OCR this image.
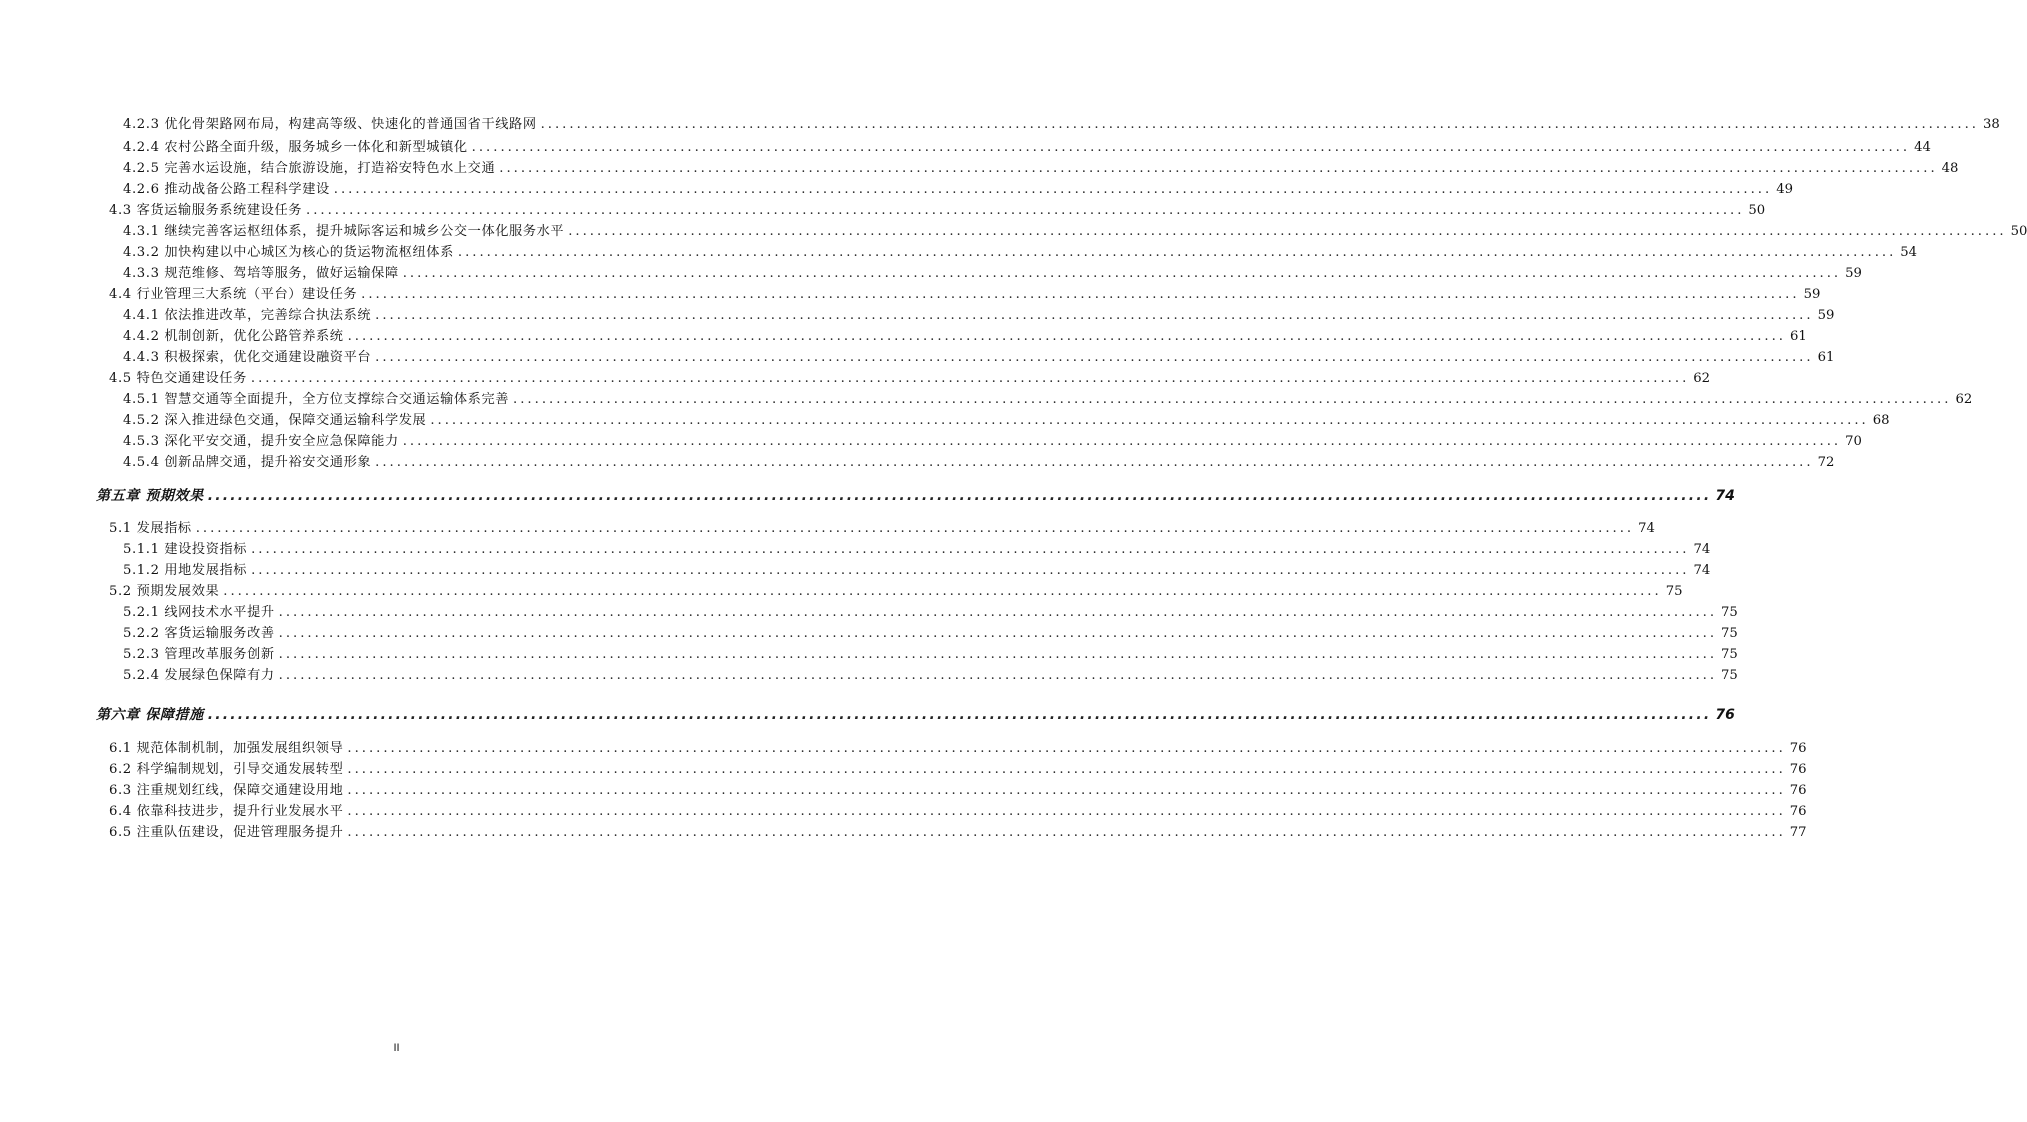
4.2.3 优化骨架路网布局，构建高等级、快速化的普通国省干线路网 ........................................................................................................................................................................................................ 38
4.2.4 农村公路全面升级，服务城乡一体化和新型城镇化 ........................................................................................................................................................................................................ 44
4.2.5 完善水运设施，结合旅游设施，打造裕安特色水上交通 ........................................................................................................................................................................................................ 48
4.2.6 推动战备公路工程科学建设 ........................................................................................................................................................................................................ 49
4.3 客货运输服务系统建设任务 ........................................................................................................................................................................................................ 50
4.3.1 继续完善客运枢纽体系，提升城际客运和城乡公交一体化服务水平 ........................................................................................................................................................................................................ 50
4.3.2 加快构建以中心城区为核心的货运物流枢纽体系 ........................................................................................................................................................................................................ 54
4.3.3 规范维修、驾培等服务，做好运输保障 ........................................................................................................................................................................................................ 59
4.4 行业管理三大系统（平台）建设任务 ........................................................................................................................................................................................................ 59
4.4.1 依法推进改革，完善综合执法系统 ........................................................................................................................................................................................................ 59
4.4.2 机制创新，优化公路管养系统 ........................................................................................................................................................................................................ 61
4.4.3 积极探索，优化交通建设融资平台 ........................................................................................................................................................................................................ 61
4.5 特色交通建设任务 ........................................................................................................................................................................................................ 62
4.5.1 智慧交通等全面提升，全方位支撑综合交通运输体系完善 ........................................................................................................................................................................................................ 62
4.5.2 深入推进绿色交通，保障交通运输科学发展 ........................................................................................................................................................................................................ 68
4.5.3 深化平安交通，提升安全应急保障能力 ........................................................................................................................................................................................................ 70
4.5.4 创新品牌交通，提升裕安交通形象 ........................................................................................................................................................................................................ 72
第五章 预期效果 ........................................................................................................................................................................................................ 74
5.1 发展指标 ........................................................................................................................................................................................................ 74
5.1.1 建设投资指标 ........................................................................................................................................................................................................ 74
5.1.2 用地发展指标 ........................................................................................................................................................................................................ 74
5.2 预期发展效果 ........................................................................................................................................................................................................ 75
5.2.1 线网技术水平提升 ........................................................................................................................................................................................................ 75
5.2.2 客货运输服务改善 ........................................................................................................................................................................................................ 75
5.2.3 管理改革服务创新 ........................................................................................................................................................................................................ 75
5.2.4 发展绿色保障有力 ........................................................................................................................................................................................................ 75
第六章 保障措施 ........................................................................................................................................................................................................ 76
6.1 规范体制机制，加强发展组织领导 ........................................................................................................................................................................................................ 76
6.2 科学编制规划，引导交通发展转型 ........................................................................................................................................................................................................ 76
6.3 注重规划红线，保障交通建设用地 ........................................................................................................................................................................................................ 76
6.4 依靠科技进步，提升行业发展水平 ........................................................................................................................................................................................................ 76
6.5 注重队伍建设，促进管理服务提升 ........................................................................................................................................................................................................ 77
II
